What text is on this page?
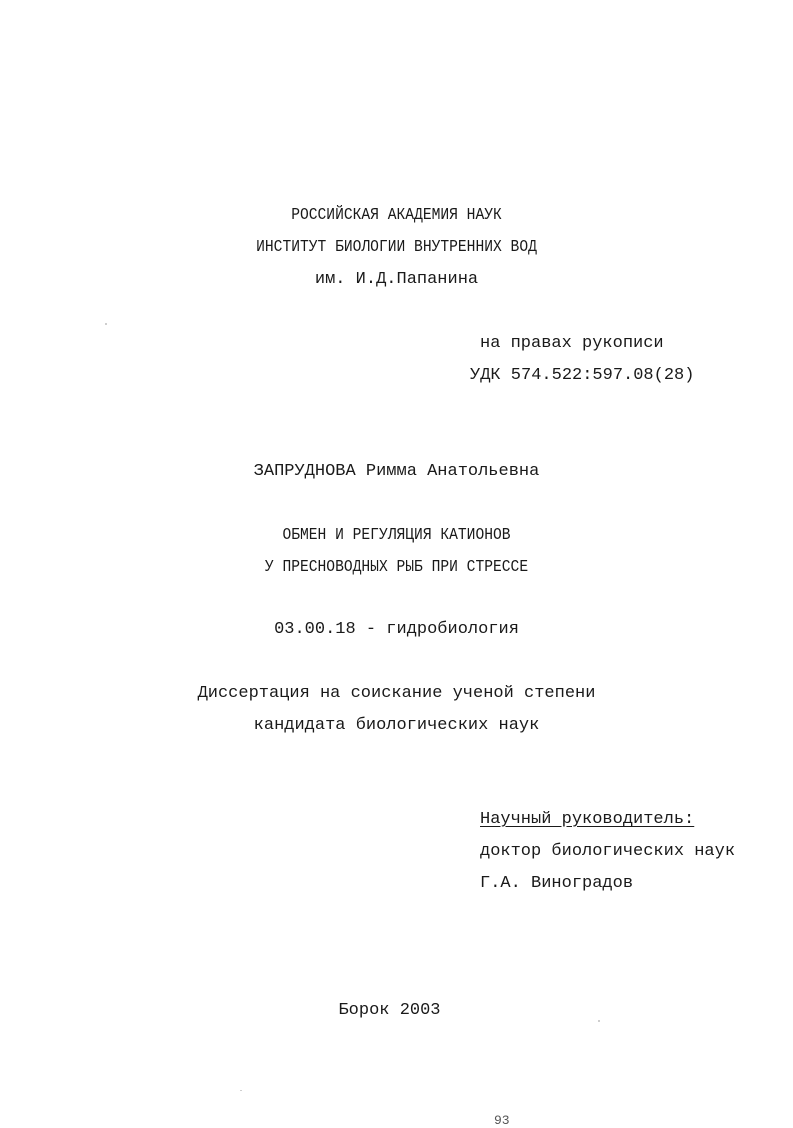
РОССИЙСКАЯ АКАДЕМИЯ НАУК
ИНСТИТУТ БИОЛОГИИ ВНУТРЕННИХ ВОД
им. И.Д.Папанина
на правах рукописи
УДК 574.522:597.08(28)
ЗАПРУДНОВА Римма Анатольевна
ОБМЕН И РЕГУЛЯЦИЯ КАТИОНОВ
У ПРЕСНОВОДНЫХ РЫБ ПРИ СТРЕССЕ
03.00.18 - гидробиология
Диссертация на соискание ученой степени
кандидата биологических наук
Научный руководитель:
доктор биологических наук
Г.А. Виноградов
Борок 2003
93
